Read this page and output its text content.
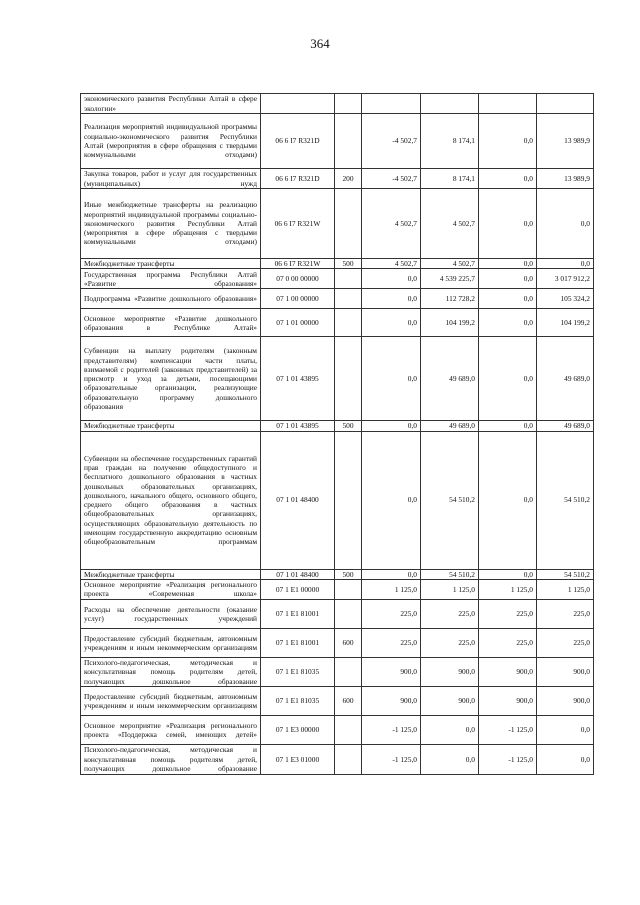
364
экономического развития Республики Алтай в сфере экологии»						
Реализация мероприятий индивидуальной программы социально-экономического развития Республики Алтай (мероприятия в сфере обращения с твердыми коммунальными отходами)	06 6 I7 R321D		-4 502,7	8 174,1	0,0	13 989,9
Закупка товаров, работ и услуг для государственных (муниципальных) нужд	06 6 I7 R321D	200	-4 502,7	8 174,1	0,0	13 989,9
Иные межбюджетные трансферты на реализацию мероприятий индивидуальной программы социально-экономического развития Республики Алтай (мероприятия в сфере обращения с твердыми коммунальными отходами)	06 6 I7 R321W		4 502,7	4 502,7	0,0	0,0
Межбюджетные трансферты	06 6 I7 R321W	500	4 502,7	4 502,7	0,0	0,0
Государственная программа Республики Алтай «Развитие образования»	07 0 00 00000		0,0	4 539 225,7	0,0	3 017 912,2
Подпрограмма «Развитие дошкольного образования»	07 1 00 00000		0,0	112 728,2	0,0	105 324,2
Основное мероприятие «Развитие дошкольного образования в Республике Алтай»	07 1 01 00000		0,0	104 199,2	0,0	104 199,2
Субвенции на выплату родителям (законным представителям) компенсации части платы, взимаемой с родителей (законных представителей) за присмотр и уход за детьми, посещающими образовательные организации, реализующие образовательную программу дошкольного образования	07 1 01 43895		0,0	49 689,0	0,0	49 689,0
Межбюджетные трансферты	07 1 01 43895	500	0,0	49 689,0	0,0	49 689,0
Субвенции на обеспечение государственных гарантий прав граждан на получение общедоступного и бесплатного дошкольного образования в частных дошкольных образовательных организациях, дошкольного, начального общего, основного общего, среднего общего образования в частных общеобразовательных организациях, осуществляющих образовательную деятельность по имеющим государственную аккредитацию основным общеобразовательным программам	07 1 01 48400		0,0	54 510,2	0,0	54 510,2
Межбюджетные трансферты	07 1 01 48400	500	0,0	54 510,2	0,0	54 510,2
Основное мероприятие «Реализация регионального проекта «Современная школа»	07 1 E1 00000		1 125,0	1 125,0	1 125,0	1 125,0
Расходы на обеспечение деятельности (оказание услуг) государственных учреждений	07 1 E1 81001		225,0	225,0	225,0	225,0
Предоставление субсидий бюджетным, автономным учреждениям и иным некоммерческим организациям	07 1 E1 81001	600	225,0	225,0	225,0	225,0
Психолого-педагогическая, методическая и консультативная помощь родителям детей, получающих дошкольное образование	07 1 E1 81035		900,0	900,0	900,0	900,0
Предоставление субсидий бюджетным, автономным учреждениям и иным некоммерческим организациям	07 1 E1 81035	600	900,0	900,0	900,0	900,0
Основное мероприятие «Реализация регионального проекта «Поддержка семей, имеющих детей»	07 1 E3 00000		-1 125,0	0,0	-1 125,0	0,0
Психолого-педагогическая, методическая и консультативная помощь родителям детей, получающих дошкольное образование	07 1 E3 01000		-1 125,0	0,0	-1 125,0	0,0
